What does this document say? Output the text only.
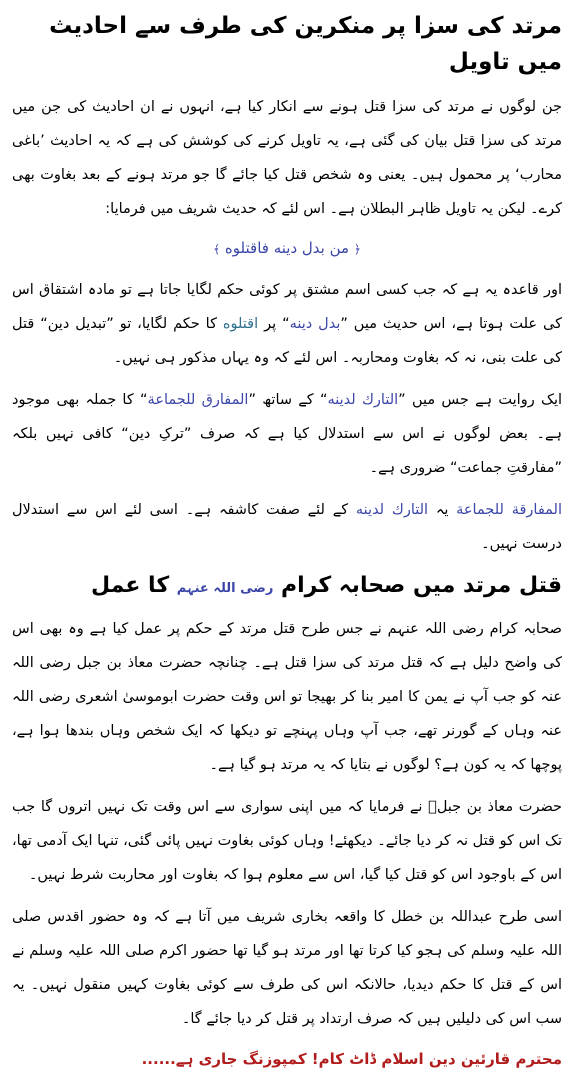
مرتد کی سزا پر منکرین کی طرف سے احادیث میں تاویل

جن لوگوں نے مرتد کی سزا قتل ہونے سے انکار کیا ہے، انہوں نے ان احادیث کی جن میں مرتد کی سزا قتل بیان کی گئی ہے، یہ تاویل کرنے کی کوشش کی ہے کہ یہ احادیث ’باغی محارب‘ پر محمول ہیں۔ یعنی وہ شخص قتل کیا جائے گا جو مرتد ہونے کے بعد بغاوت بھی کرے۔ لیکن یہ تاویل ظاہر البطلان ہے۔ اس لئے کہ حدیث شریف میں فرمایا:

﴿ من بدل دينه فاقتلوه ﴾

اور قاعدہ یہ ہے کہ جب کسی اسم مشتق پر کوئی حکم لگایا جاتا ہے تو مادہ اشتقاق اس کی علت ہوتا ہے، اس حدیث میں ”بدل دينه“ پر اقتلوه کا حکم لگایا، تو ”تبدیل دین“ قتل کی علت بنی، نہ کہ بغاوت ومحاربہ۔ اس لئے کہ وہ یہاں مذکور ہی نہیں۔

ایک روایت ہے جس میں ”التارك لدينه“ کے ساتھ ”المفارق للجماعة“ کا جملہ بھی موجود ہے۔ بعض لوگوں نے اس سے استدلال کیا ہے کہ صرف ”ترکِ دین“ کافی نہیں بلکہ ”مفارقتِ جماعت“ ضروری ہے۔

المفارقة للجماعة یہ التارك لدينه کے لئے صفت کاشفہ ہے۔ اسی لئے اس سے استدلال درست نہیں۔

قتل مرتد میں صحابہ کرام رضی اللہ عنہم کا عمل

صحابہ کرام رضی اللہ عنہم نے جس طرح قتل مرتد کے حکم پر عمل کیا ہے وہ بھی اس کی واضح دلیل ہے کہ قتل مرتد کی سزا قتل ہے۔ چنانچہ حضرت معاذ بن جبل رضی اللہ عنہ کو جب آپ نے یمن کا امیر بنا کر بھیجا تو اس وقت حضرت ابوموسیٰ اشعری رضی اللہ عنہ وہاں کے گورنر تھے، جب آپ وہاں پہنچے تو دیکھا کہ ایک شخص وہاں بندھا ہوا ہے، پوچھا کہ یہ کون ہے؟ لوگوں نے بتایا کہ یہ مرتد ہو گیا ہے۔

حضرت معاذ بن جبلؓ نے فرمایا کہ میں اپنی سواری سے اس وقت تک نہیں اتروں گا جب تک اس کو قتل نہ کر دیا جائے۔ دیکھئے! وہاں کوئی بغاوت نہیں پائی گئی، تنہا ایک آدمی تھا، اس کے باوجود اس کو قتل کیا گیا، اس سے معلوم ہوا کہ بغاوت اور محاربت شرط نہیں۔

اسی طرح عبداللہ بن خطل کا واقعہ بخاری شریف میں آتا ہے کہ وہ حضور اقدس صلی اللہ علیہ وسلم کی ہجو کیا کرتا تھا اور مرتد ہو گیا تھا حضور اکرم صلی اللہ علیہ وسلم نے اس کے قتل کا حکم دیدیا، حالانکہ اس کی طرف سے کوئی بغاوت کہیں منقول نہیں۔ یہ سب اس کی دلیلیں ہیں کہ صرف ارتداد پر قتل کر دیا جائے گا۔

محترم قارئین دین اسلام ڈاٹ کام! کمپوزنگ جاری ہے......
